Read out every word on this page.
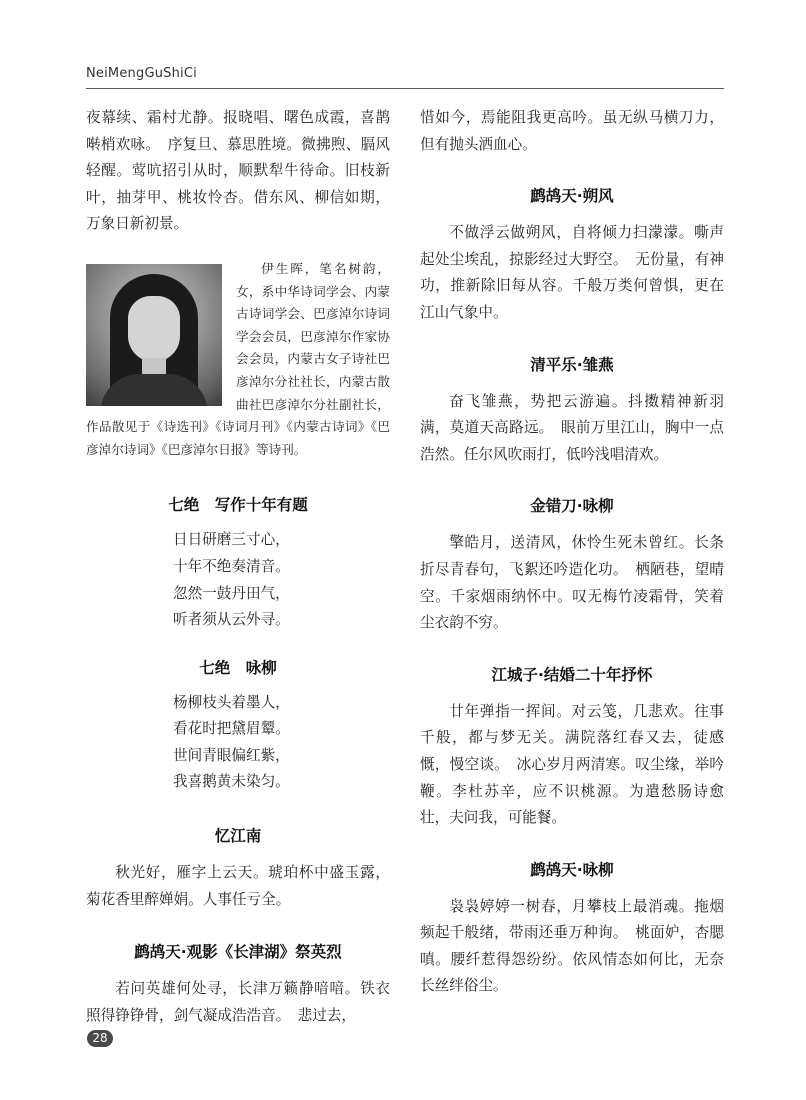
NeiMengGuShiCi

夜幕续、霜村尤静。报晓唱、曙色成霞，喜鹊啭梢欢咏。　序复旦、慕思胜境。微拂煦、膈风轻醒。莺吭招引从时，顺默犁牛待命。旧枝新叶，抽芽甲、桃妆怜杏。借东风、柳信如期，万象日新初景。

伊生晖，笔名树韵，女，系中华诗词学会、内蒙古诗词学会、巴彦淖尔诗词学会会员，巴彦淖尔作家协会会员，内蒙古女子诗社巴彦淖尔分社社长，内蒙古散曲社巴彦淖尔分社副社长，作品散见于《诗选刊》《诗词月刊》《内蒙古诗词》《巴彦淖尔诗词》《巴彦淖尔日报》等诗刊。

七绝　写作十年有题

日日研磨三寸心，
十年不绝奏清音。
忽然一鼓丹田气，
听者须从云外寻。

七绝　咏柳

杨柳枝头着墨人，
看花时把黛眉颦。
世间青眼偏红紫，
我喜鹅黄未染匀。

忆江南

秋光好，雁字上云天。琥珀杯中盛玉露，菊花香里醉婵娟。人事任亏全。

鹧鸪天·观影《长津湖》祭英烈

若问英雄何处寻，长津万籁静喑喑。铁衣照得铮铮骨，剑气凝成浩浩音。　悲过去，

惜如今，焉能阻我更高吟。虽无纵马横刀力，但有抛头洒血心。

鹧鸪天·朔风

不做浮云做朔风，自将倾力扫濛濛。嘶声起处尘埃乱，掠影经过大野空。　无份量，有神功，推新除旧每从容。千般万类何曾惧，更在江山气象中。

清平乐·雏燕

奋飞雏燕，势把云游遍。抖擞精神新羽满，莫道天高路远。　眼前万里江山，胸中一点浩然。任尔风吹雨打，低吟浅唱清欢。

金错刀·咏柳

擎皓月，送清风，休怜生死未曾红。长条折尽青春句，飞絮还吟造化功。　栖陋巷，望晴空。千家烟雨纳怀中。叹无梅竹凌霜骨，笑着尘衣韵不穷。

江城子·结婚二十年抒怀

廿年弹指一挥间。对云笺，几悲欢。往事千般，都与梦无关。满院落红春又去，徒感慨，慢空谈。　冰心岁月两清寒。叹尘缘，举吟鞭。李杜苏辛，应不识桃源。为遣愁肠诗愈壮，夫问我，可能餐。

鹧鸪天·咏柳

袅袅婷婷一树春，月攀枝上最消魂。拖烟频起千般绪，带雨还垂万种询。　桃面妒，杏腮嗔。腰纤惹得怨纷纷。依风情态如何比，无奈长丝绊俗尘。

28
